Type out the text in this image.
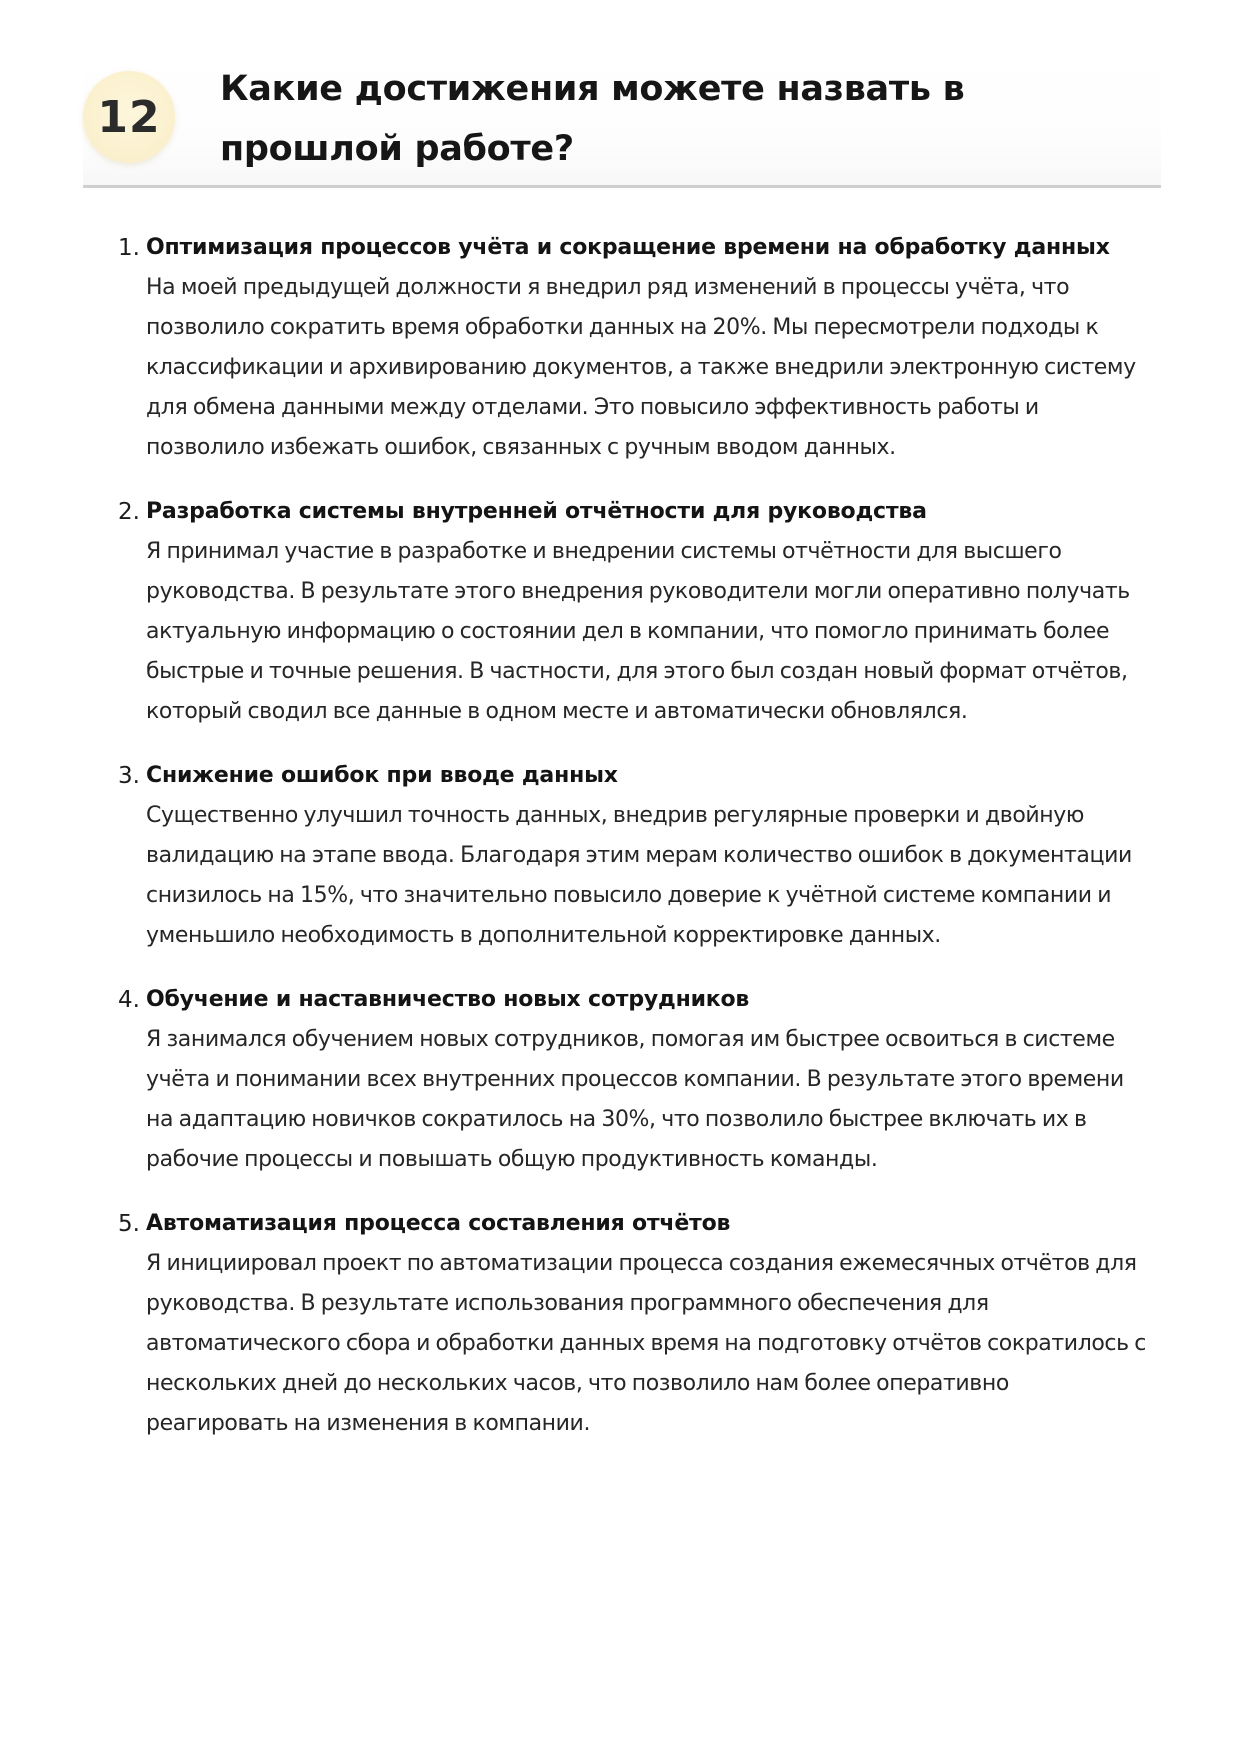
12
Какие достижения можете назвать в прошлой работе?
1. Оптимизация процессов учёта и сокращение времени на обработку данных
На моей предыдущей должности я внедрил ряд изменений в процессы учёта, что позволило сократить время обработки данных на 20%. Мы пересмотрели подходы к классификации и архивированию документов, а также внедрили электронную систему для обмена данными между отделами. Это повысило эффективность работы и позволило избежать ошибок, связанных с ручным вводом данных.
2. Разработка системы внутренней отчётности для руководства
Я принимал участие в разработке и внедрении системы отчётности для высшего руководства. В результате этого внедрения руководители могли оперативно получать актуальную информацию о состоянии дел в компании, что помогло принимать более быстрые и точные решения. В частности, для этого был создан новый формат отчётов, который сводил все данные в одном месте и автоматически обновлялся.
3. Снижение ошибок при вводе данных
Существенно улучшил точность данных, внедрив регулярные проверки и двойную валидацию на этапе ввода. Благодаря этим мерам количество ошибок в документации снизилось на 15%, что значительно повысило доверие к учётной системе компании и уменьшило необходимость в дополнительной корректировке данных.
4. Обучение и наставничество новых сотрудников
Я занимался обучением новых сотрудников, помогая им быстрее освоиться в системе учёта и понимании всех внутренних процессов компании. В результате этого времени на адаптацию новичков сократилось на 30%, что позволило быстрее включать их в рабочие процессы и повышать общую продуктивность команды.
5. Автоматизация процесса составления отчётов
Я инициировал проект по автоматизации процесса создания ежемесячных отчётов для руководства. В результате использования программного обеспечения для автоматического сбора и обработки данных время на подготовку отчётов сократилось с нескольких дней до нескольких часов, что позволило нам более оперативно реагировать на изменения в компании.
